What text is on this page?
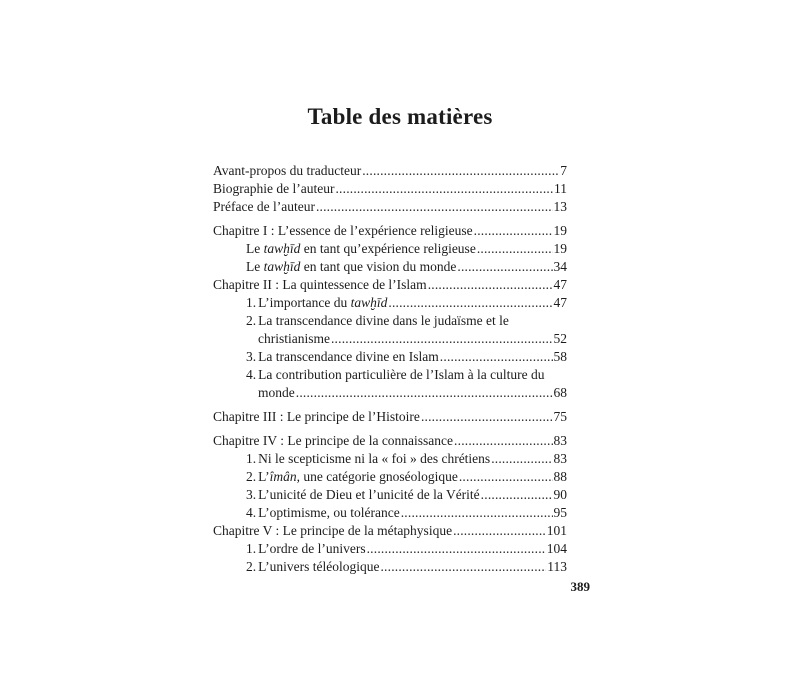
Table des matières
Avant-propos du traducteur .....	7
Biographie de l’auteur .....	11
Préface de l’auteur .....	13
Chapitre I : L’essence de l’expérience religieuse .....	19
Le tawḫīd en tant qu’expérience religieuse .....	19
Le tawḫīd en tant que vision du monde .....	34
Chapitre II : La quintessence de l’Islam .....	47
1. L’importance du tawḫīd .....	47
2. La transcendance divine dans le judaïsme et le
christianisme .....	52
3. La transcendance divine en Islam .....	58
4. La contribution particulière de l’Islam à la culture du
monde .....	68
Chapitre III : Le principe de l’Histoire .....	75
Chapitre IV : Le principe de la connaissance .....	83
1. Ni le scepticisme ni la « foi » des chrétiens .....	83
2. L’îmân, une catégorie gnoséologique .....	88
3. L’unicité de Dieu et l’unicité de la Vérité .....	90
4. L’optimisme, ou tolérance .....	95
Chapitre V : Le principe de la métaphysique .....	101
1. L’ordre de l’univers .....	104
2. L’univers téléologique .....	113
389
